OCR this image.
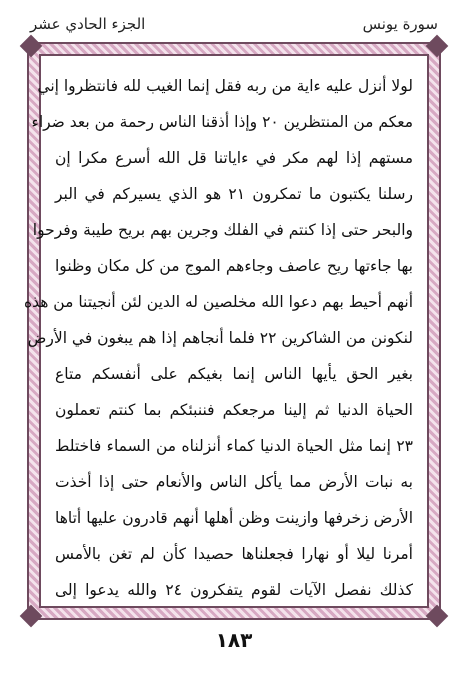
سورة يونس
الجزء الحادي عشر
لولا أنزل عليه ءاية من ربه فقل إنما الغيب لله فانتظروا إني
معكم من المنتظرين ٢٠ وإذا أذقنا الناس رحمة من بعد ضراء
مستهم إذا لهم مكر في ءاياتنا قل الله أسرع مكرا إن
رسلنا يكتبون ما تمكرون ٢١ هو الذي يسيركم في البر
والبحر حتى إذا كنتم في الفلك وجرين بهم بريح طيبة وفرحوا
بها جاءتها ريح عاصف وجاءهم الموج من كل مكان وظنوا
أنهم أحيط بهم دعوا الله مخلصين له الدين لئن أنجيتنا من هذه
لنكونن من الشاكرين ٢٢ فلما أنجاهم إذا هم يبغون في الأرض
بغير الحق يأيها الناس إنما بغيكم على أنفسكم متاع
الحياة الدنيا ثم إلينا مرجعكم فننبئكم بما كنتم تعملون
٢٣ إنما مثل الحياة الدنيا كماء أنزلناه من السماء فاختلط
به نبات الأرض مما يأكل الناس والأنعام حتى إذا أخذت
الأرض زخرفها وازينت وظن أهلها أنهم قادرون عليها أتاها
أمرنا ليلا أو نهارا فجعلناها حصيدا كأن لم تغن بالأمس
كذلك نفصل الآيات لقوم يتفكرون ٢٤ والله يدعوا إلى
١٨٣
